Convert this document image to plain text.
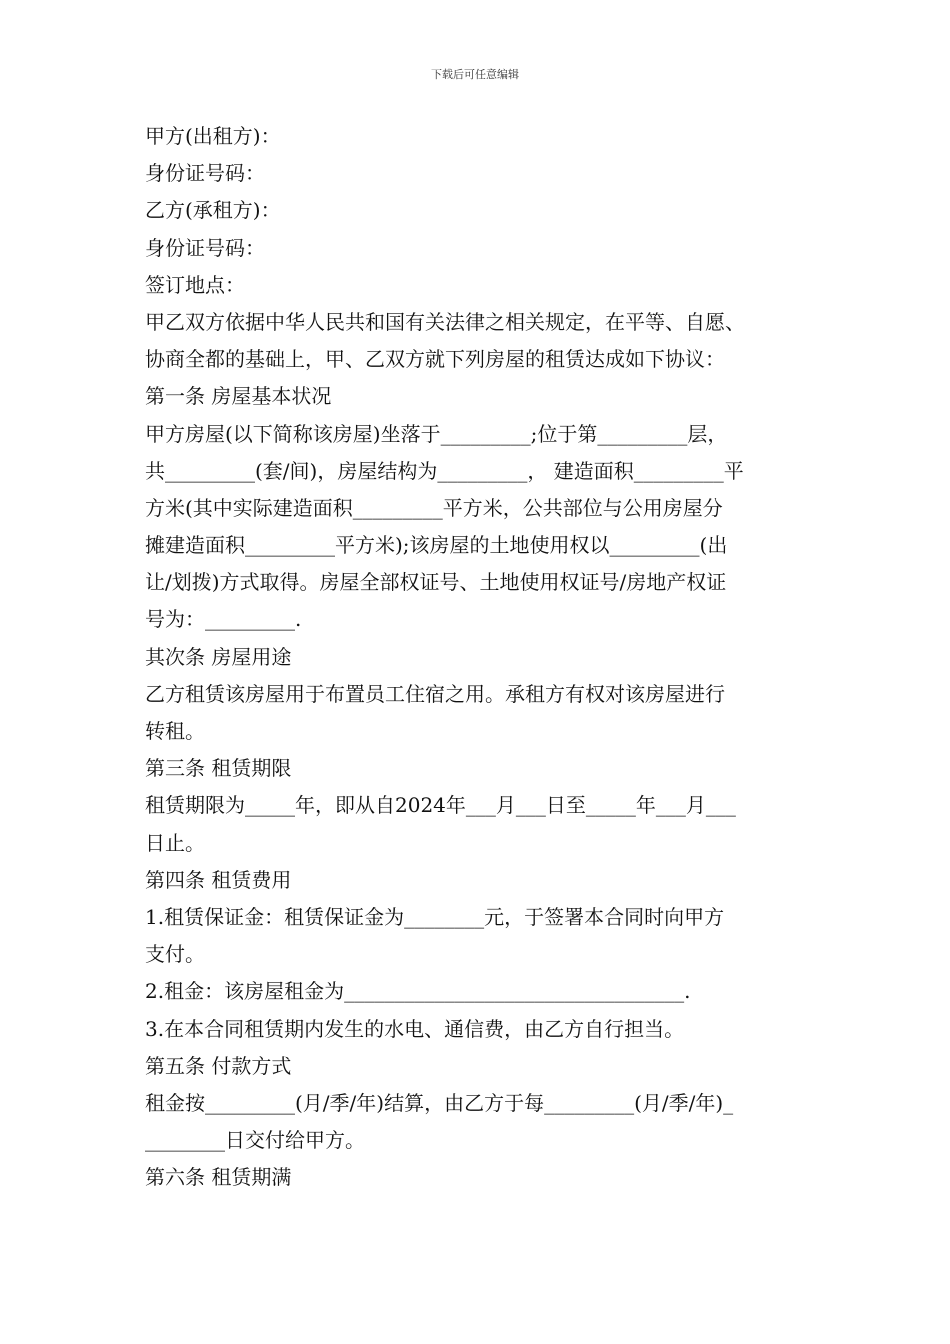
下载后可任意编辑
甲方(出租方)：
身份证号码：
乙方(承租方)：
身份证号码：
签订地点：
甲乙双方依据中华人民共和国有关法律之相关规定，在平等、自愿、
协商全都的基础上，甲、乙双方就下列房屋的租赁达成如下协议：
第一条 房屋基本状况
甲方房屋(以下简称该房屋)坐落于_________;位于第_________层，
共_________(套/间)，房屋结构为_________， 建造面积_________平
方米(其中实际建造面积_________平方米，公共部位与公用房屋分
摊建造面积_________平方米);该房屋的土地使用权以_________(出
让/划拨)方式取得。房屋全部权证号、土地使用权证号/房地产权证
号为：_________.
其次条 房屋用途
乙方租赁该房屋用于布置员工住宿之用。承租方有权对该房屋进行
转租。
第三条 租赁期限
租赁期限为_____年，即从自2024年___月___日至_____年___月___
日止。
第四条 租赁费用
1.租赁保证金：租赁保证金为________元，于签署本合同时向甲方
支付。
2.租金：该房屋租金为__________________________________.
3.在本合同租赁期内发生的水电、通信费，由乙方自行担当。
第五条 付款方式
租金按_________(月/季/年)结算，由乙方于每_________(月/季/年)_
________日交付给甲方。
第六条 租赁期满
